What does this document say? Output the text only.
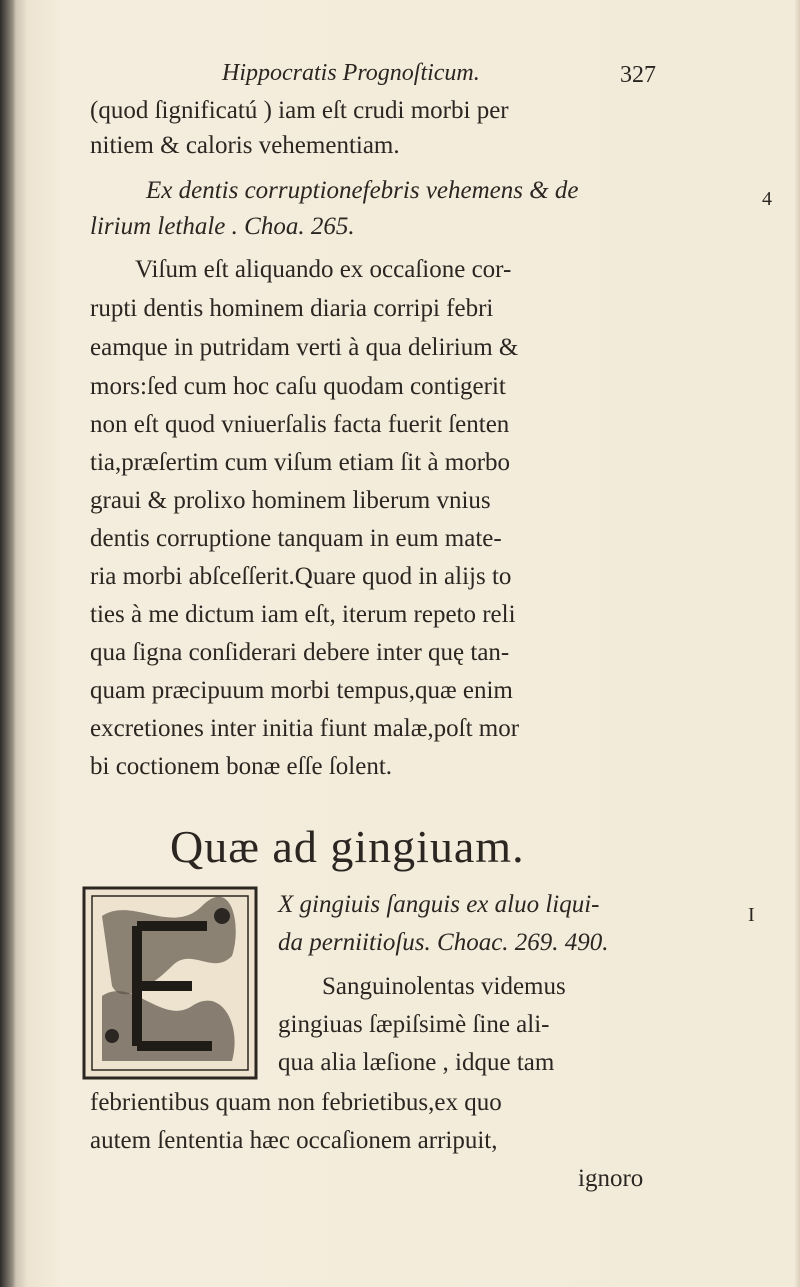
Hippocratis Prognoſticum.	327
(quod ſignificatú ) iam eſt crudi morbi per
nitiem & caloris vehementiam.
Ex dentis corruptionefebris vehemens & de
lirium lethale . Choa. 265.
4
Viſum eſt aliquando ex occaſione cor-
rupti dentis hominem diaria corripi febri
eamque in putridam verti à qua delirium &
mors:ſed cum hoc caſu quodam contigerit
non eſt quod vniuerſalis facta fuerit ſenten
tia,præſertim cum viſum etiam ſit à morbo
graui & prolixo hominem liberum vnius
dentis corruptione tanquam in eum mate-
ria morbi abſceſſerit.Quare quod in aliјs to
ties à me dictum iam eſt, iterum repeto reli
qua ſigna conſiderari debere inter quę tan-
quam præcipuum morbi tempus,quæ enim
excretiones inter initia fiunt malæ,poſt mor
bi coctionem bonæ eſſe ſolent.
Quæ ad gingiuam.
X gingiuis ſanguis ex aluo liqui-
da perniitioſus. Choac. 269. 490.
I
Sanguinolentas videmus
gingiuas ſæpiſsimè ſine ali-
qua alia læſione , idque tam
febrientibus quam non febrietibus,ex quo
autem ſententia hæc occaſionem arripuit,
ignoro
